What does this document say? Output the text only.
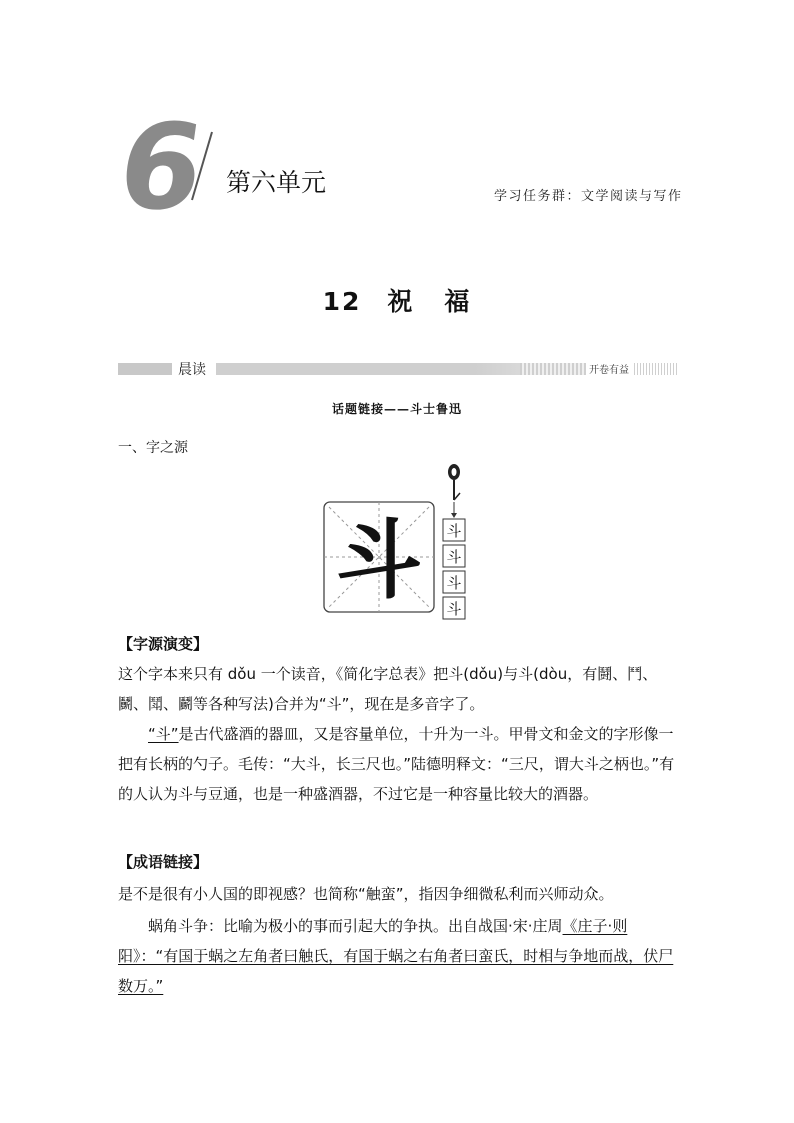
6 第六单元	学习任务群：文学阅读与写作
12 祝 福
晨读	开卷有益
话题链接——斗士鲁迅
一、字之源
斗 斗
斗
斗
斗
【字源演变】
这个字本来只有 dǒu 一个读音，《简化字总表》把斗(dǒu)与斗(dòu，有鬪、鬥、鬭、鬦、鬬等各种写法)合并为“斗”，现在是多音字了。
“斗”是古代盛酒的器皿，又是容量单位，十升为一斗。甲骨文和金文的字形像一把有长柄的勺子。毛传：“大斗，长三尺也。”陆德明释文：“三尺，谓大斗之柄也。”有的人认为斗与豆通，也是一种盛酒器，不过它是一种容量比较大的酒器。
【成语链接】
是不是很有小人国的即视感？也简称“触蛮”，指因争细微私利而兴师动众。
蜗角斗争：比喻为极小的事而引起大的争执。出自战国·宋·庄周《庄子·则阳》：“有国于蜗之左角者曰触氏，有国于蜗之右角者曰蛮氏，时相与争地而战，伏尸数万。”
